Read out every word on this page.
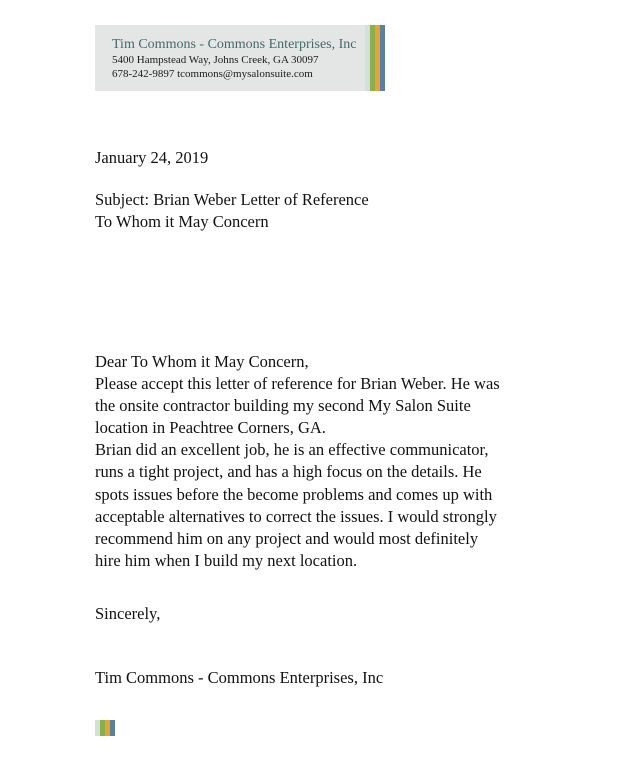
Tim Commons - Commons Enterprises, Inc
5400 Hampstead Way, Johns Creek, GA 30097
678-242-9897 tcommons@mysalonsuite.com
January 24, 2019
Subject: Brian Weber Letter of Reference
To Whom it May Concern
Dear To Whom it May Concern,
Please accept this letter of reference for Brian Weber. He was
the onsite contractor building my second My Salon Suite
location in Peachtree Corners, GA.
Brian did an excellent job, he is an effective communicator,
runs a tight project, and has a high focus on the details. He
spots issues before the become problems and comes up with
acceptable alternatives to correct the issues. I would strongly
recommend him on any project and would most definitely
hire him when I build my next location.
Sincerely,
Tim Commons - Commons Enterprises, Inc
